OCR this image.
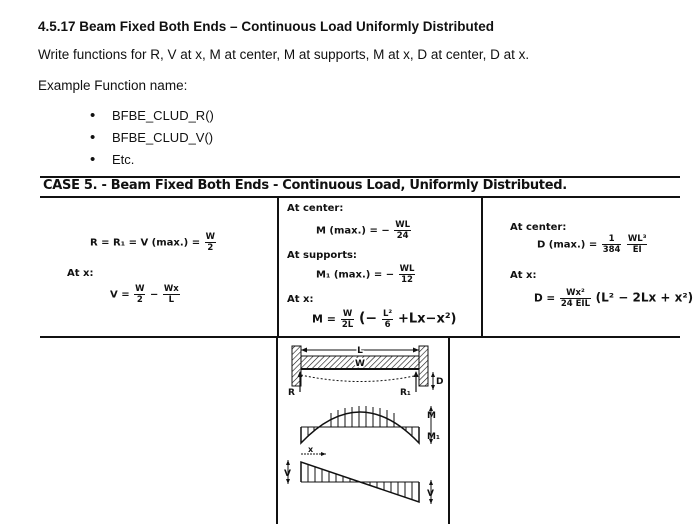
4.5.17 Beam Fixed Both Ends – Continuous Load Uniformly Distributed
Write functions for R, V at x, M at center, M at supports, M at x, D at center, D at x.
Example Function name:
• BFBE_CLUD_R()
• BFBE_CLUD_V()
• Etc.
CASE 5. - Beam Fixed Both Ends - Continuous Load, Uniformly Distributed.
R = R₁ = V $(\max.) = \frac{W}{2}$
At x:
$V = \frac{W}{2} - \frac{Wx}{L}$
At center:
M (max.) = − $\frac{WL}{24}$
At supports:
M₁ (max.) = − $\frac{WL}{12}$
At x:
$M = \frac{W}{2L}$ (− $\frac{\text{L²}}{6} +Lx-x^2$)
At center:
D $(\max.) = \frac{1}{384}$
$\frac{\text{WL³}}{EI}$
At x:
D =	Wx²
24 EIL (L² − 2Lx + x²)
L
W
R	R₁
D
M
M₁
x
V
V
